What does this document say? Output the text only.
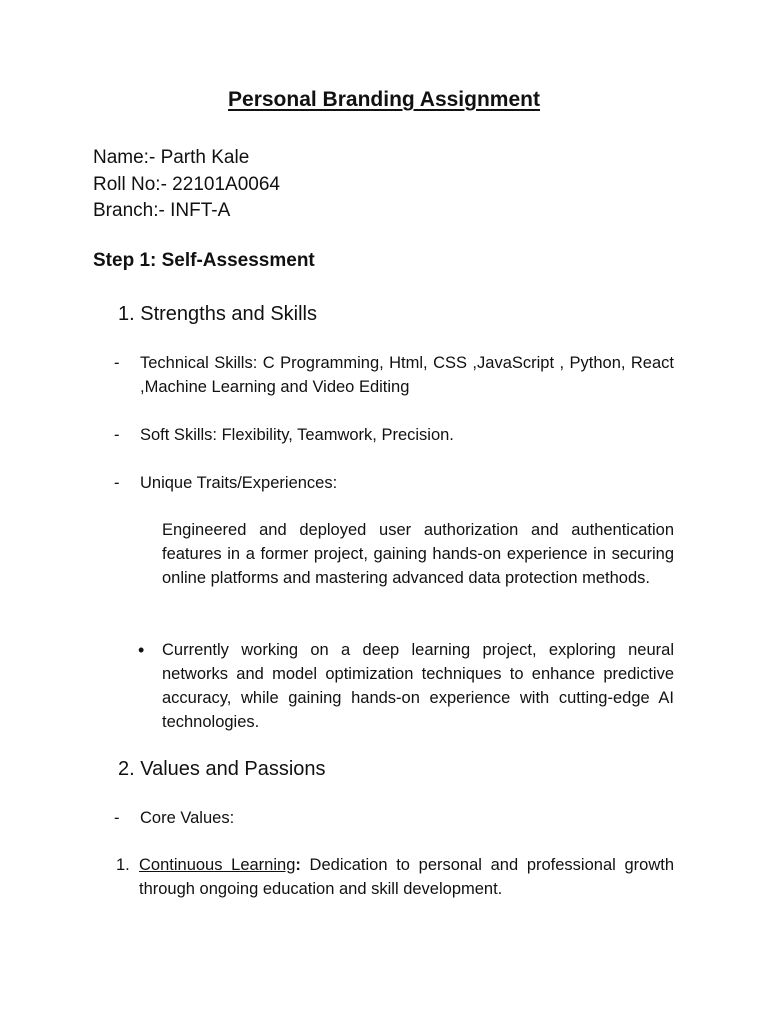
Personal Branding Assignment
Name:- Parth Kale
Roll No:- 22101A0064
Branch:- INFT-A
Step 1: Self-Assessment
1. Strengths and Skills
- Technical Skills: C Programming, Html, CSS ,JavaScript , Python, React ,Machine Learning and Video Editing
- Soft Skills: Flexibility, Teamwork, Precision.
- Unique Traits/Experiences:
Engineered and deployed user authorization and authentication features in a former project, gaining hands-on experience in securing online platforms and mastering advanced data protection methods.
•	Currently working on a deep learning project, exploring neural networks and model optimization techniques to enhance predictive accuracy, while gaining hands-on experience with cutting-edge AI technologies.
2. Values and Passions
- Core Values:
1. Continuous Learning: Dedication to personal and professional growth through ongoing education and skill development.
